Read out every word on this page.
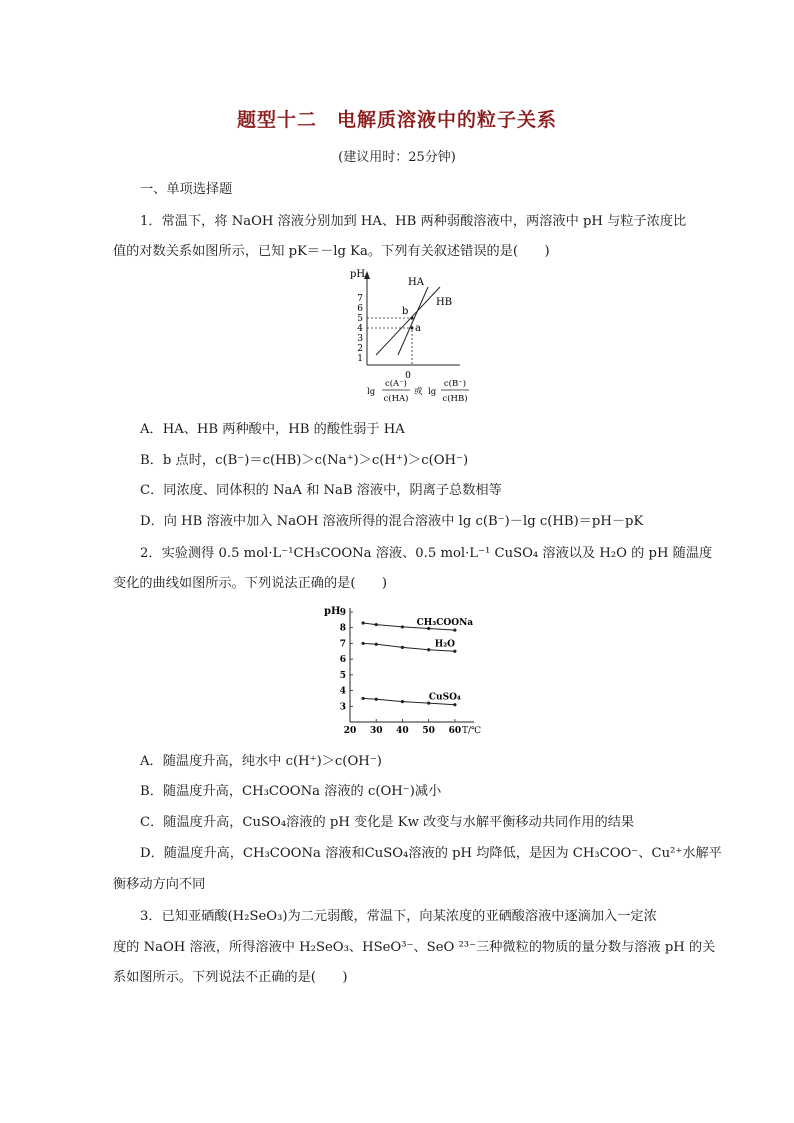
题型十二　电解质溶液中的粒子关系
(建议用时：25分钟)
一、单项选择题
1．常温下，将 NaOH 溶液分别加到 HA、HB 两种弱酸溶液中，两溶液中 pH 与粒子浓度比
值的对数关系如图所示，已知 pK＝－lg Ka。下列有关叙述错误的是(　　)
pH
1
2
3
4
5
6
7
0
HA
HB
b
a
lg
c(A⁻)
c(HA)
或 lg
c(B⁻)
c(HB)
A．HA、HB 两种酸中，HB 的酸性弱于 HA
B．b 点时，c(B⁻)＝c(HB)＞c(Na⁺)＞c(H⁺)＞c(OH⁻)
C．同浓度、同体积的 NaA 和 NaB 溶液中，阴离子总数相等
D．向 HB 溶液中加入 NaOH 溶液所得的混合溶液中 lg c(B⁻)－lg c(HB)＝pH－pK
2．实验测得 0.5 mol·L⁻¹CH₃COONa 溶液、0.5 mol·L⁻¹ CuSO₄ 溶液以及 H₂O 的 pH 随温度
变化的曲线如图所示。下列说法正确的是(　　)
pH
T/℃
3
4
5
6
7
8
9
20 30 40 50 60
CH₃COONa
H₂O
CuSO₄
A．随温度升高，纯水中 c(H⁺)＞c(OH⁻)
B．随温度升高，CH₃COONa 溶液的 c(OH⁻)减小
C．随温度升高，CuSO₄溶液的 pH 变化是 Kw 改变与水解平衡移动共同作用的结果
D．随温度升高，CH₃COONa 溶液和CuSO₄溶液的 pH 均降低，是因为 CH₃COO⁻、Cu²⁺水解平
衡移动方向不同
3．已知亚硒酸(H₂SeO₃)为二元弱酸，常温下，向某浓度的亚硒酸溶液中逐滴加入一定浓
度的 NaOH 溶液，所得溶液中 H₂SeO₃、HSeO³⁻、SeO ²³⁻三种微粒的物质的量分数与溶液 pH 的关
系如图所示。下列说法不正确的是(　　)
